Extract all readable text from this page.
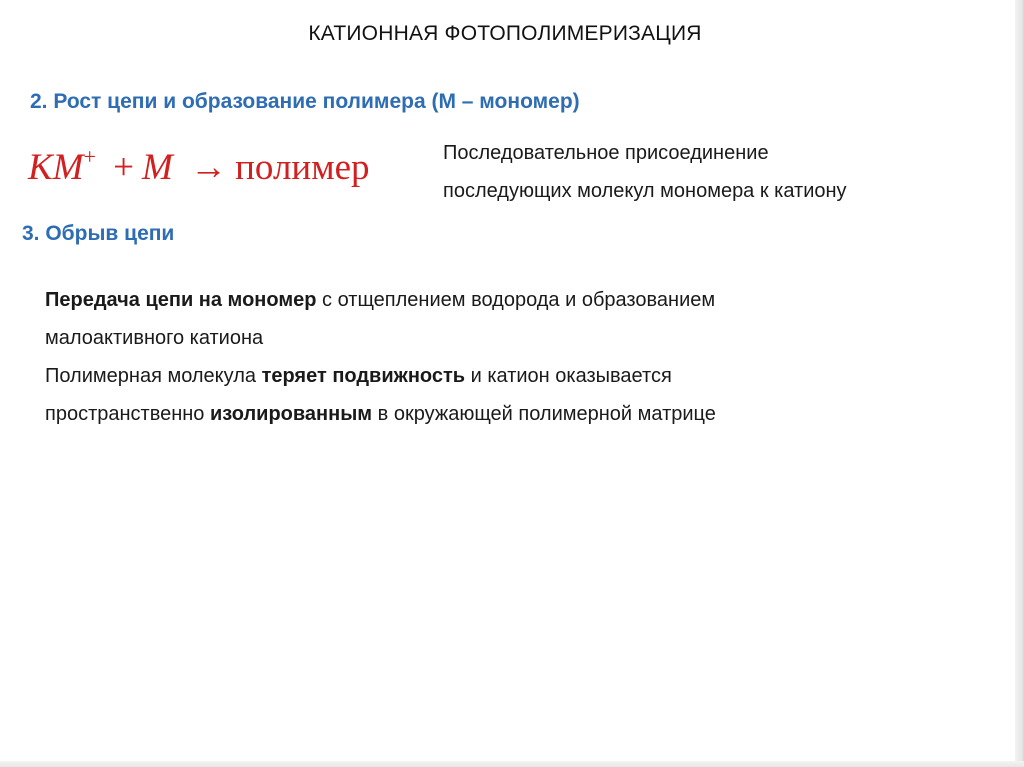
КАТИОННАЯ ФОТОПОЛИМЕРИЗАЦИЯ
2. Рост цепи и образование полимера (М – мономер)
KM+ + M → полимер	Последовательное присоединение
последующих молекул мономера к катиону
3. Обрыв цепи

Передача цепи на мономер с отщеплением водорода и образованием

малоактивного катиона

Полимерная молекула теряет подвижность и катион оказывается

пространственно изолированным в окружающей полимерной матрице
